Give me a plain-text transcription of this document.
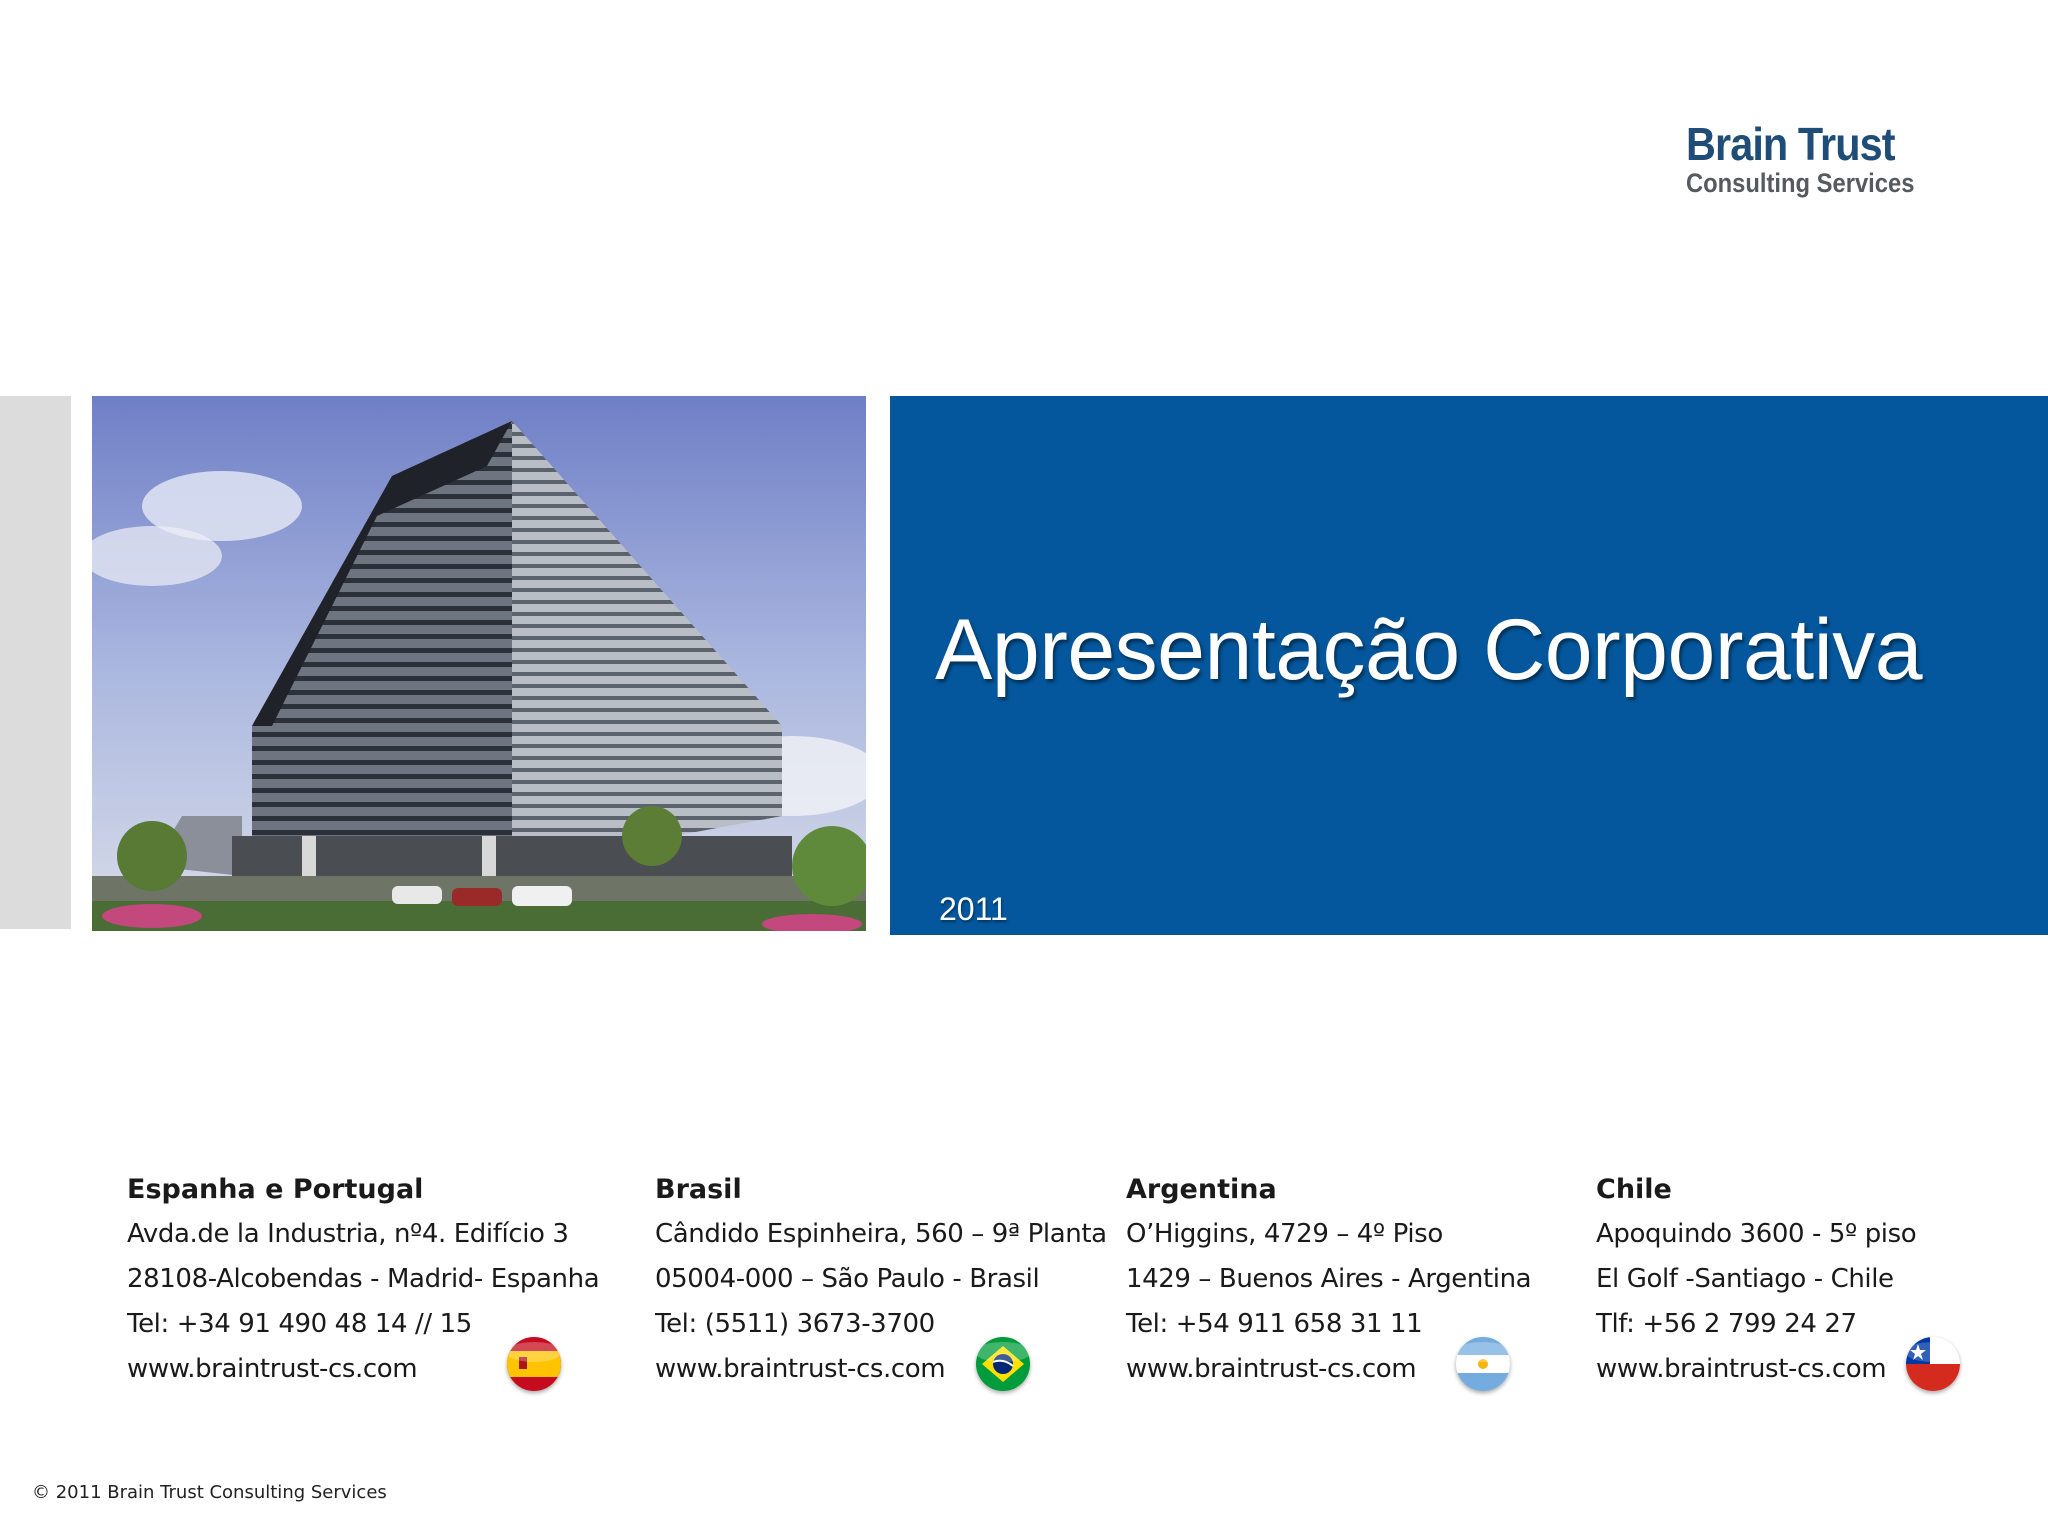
Brain Trust
Consulting Services
Apresentação Corporativa
2011
Espanha e Portugal
Avda.de la Industria, nº4. Edifício 3
28108-Alcobendas - Madrid- Espanha
Tel: +34 91 490 48 14 // 15
www.braintrust-cs.com
Brasil
Cândido Espinheira, 560 – 9ª Planta
05004-000 – São Paulo - Brasil
Tel: (5511) 3673-3700
www.braintrust-cs.com
Argentina
O’Higgins, 4729 – 4º Piso
1429 – Buenos Aires - Argentina
Tel: +54 911 658 31 11
www.braintrust-cs.com
Chile
Apoquindo 3600 - 5º piso
El Golf -Santiago - Chile
Tlf: +56 2 799 24 27
www.braintrust-cs.com
© 2011 Brain Trust Consulting Services
